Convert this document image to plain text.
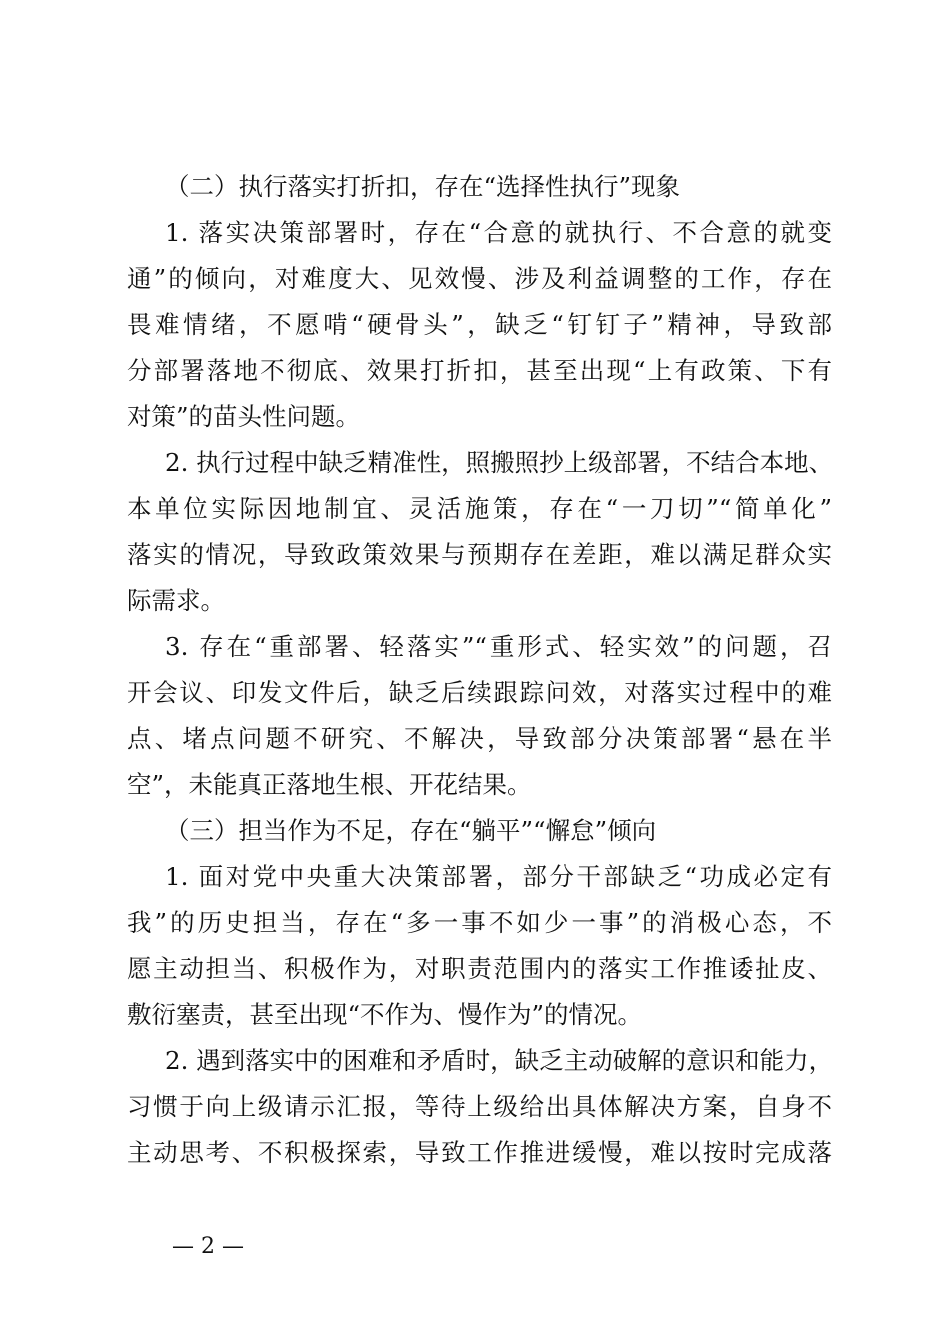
（二）执行落实打折扣，存在“选择性执行”现象
1. 落实决策部署时，存在“合意的就执行、不合意的就变
通”的倾向，对难度大、见效慢、涉及利益调整的工作，存在
畏难情绪，不愿啃“硬骨头”，缺乏“钉钉子”精神，导致部
分部署落地不彻底、效果打折扣，甚至出现“上有政策、下有
对策”的苗头性问题。
2. 执行过程中缺乏精准性，照搬照抄上级部署，不结合本地、
本单位实际因地制宜、灵活施策，存在“一刀切”“简单化”
落实的情况，导致政策效果与预期存在差距，难以满足群众实
际需求。
3. 存在“重部署、轻落实”“重形式、轻实效”的问题，召
开会议、印发文件后，缺乏后续跟踪问效，对落实过程中的难
点、堵点问题不研究、不解决，导致部分决策部署“悬在半
空”，未能真正落地生根、开花结果。
（三）担当作为不足，存在“躺平”“懈怠”倾向
1. 面对党中央重大决策部署，部分干部缺乏“功成必定有
我”的历史担当，存在“多一事不如少一事”的消极心态，不
愿主动担当、积极作为，对职责范围内的落实工作推诿扯皮、
敷衍塞责，甚至出现“不作为、慢作为”的情况。
2. 遇到落实中的困难和矛盾时，缺乏主动破解的意识和能力，
习惯于向上级请示汇报，等待上级给出具体解决方案，自身不
主动思考、不积极探索，导致工作推进缓慢，难以按时完成落
— 2 —
